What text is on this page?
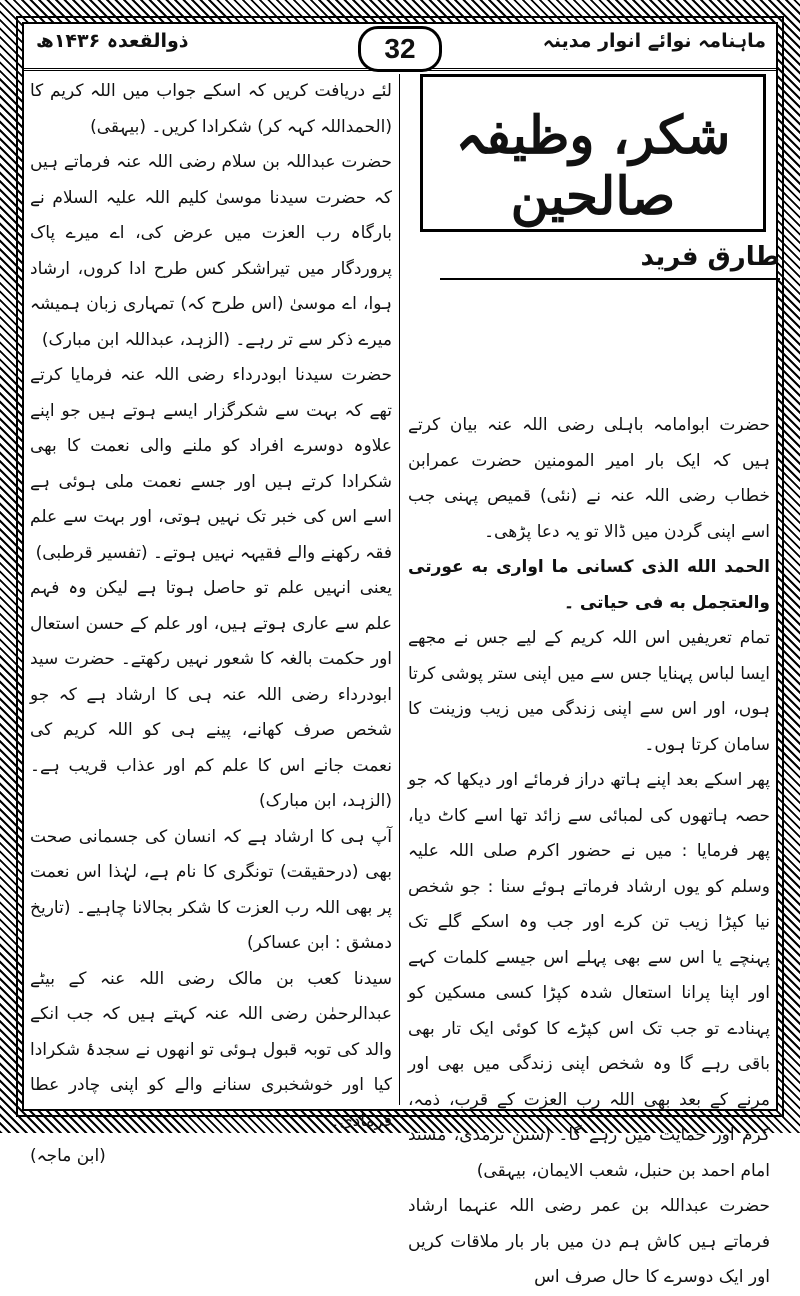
ماہنامہ نوائے انوار مدینہ
ذوالقعدہ ۱۴۳۶ھ	32
شکر، وظیفہ صالحین
طارق فرید

لئے دریافت کریں کہ اسکے جواب میں اللہ کریم کا (الحمداللہ کہہ کر) شکرادا کریں۔ (بیہقی)

حضرت عبداللہ بن سلام رضی اللہ عنہ فرماتے ہیں کہ حضرت سیدنا موسیٰ کلیم اللہ علیہ السلام نے بارگاہ رب العزت میں عرض کی، اے میرے پاک پروردگار میں تیراشکر کس طرح ادا کروں، ارشاد ہوا، اے موسیٰ (اس طرح کہ) تمہاری زبان ہمیشہ میرے ذکر سے تر رہے۔ (الزہد، عبداللہ ابن مبارک)

حضرت سیدنا ابودرداء رضی اللہ عنہ فرمایا کرتے تھے کہ بہت سے شکرگزار ایسے ہوتے ہیں جو اپنے علاوہ دوسرے افراد کو ملنے والی نعمت کا بھی شکرادا کرتے ہیں اور جسے نعمت ملی ہوئی ہے اسے اس کی خبر تک نہیں ہوتی، اور بہت سے علم فقہ رکھنے والے فقیہہ نہیں ہوتے۔ (تفسیر قرطبی)

یعنی انہیں علم تو حاصل ہوتا ہے لیکن وہ فہم علم سے عاری ہوتے ہیں، اور علم کے حسن استعال اور حکمت بالغہ کا شعور نہیں رکھتے۔ حضرت سید ابودرداء رضی اللہ عنہ ہی کا ارشاد ہے کہ جو شخص صرف کھانے، پینے ہی کو اللہ کریم کی نعمت جانے اس کا علم کم اور عذاب قریب ہے۔ (الزہد، ابن مبارک)

آپ ہی کا ارشاد ہے کہ انسان کی جسمانی صحت بھی (درحقیقت) تونگری کا نام ہے، لہٰذا اس نعمت پر بھی اللہ رب العزت کا شکر بجالانا چاہیے۔ (تاریخ دمشق : ابن عساکر)

سیدنا کعب بن مالک رضی اللہ عنہ کے بیٹے عبدالرحمٰن رضی اللہ عنہ کہتے ہیں کہ جب انکے والد کی توبہ قبول ہوئی تو انھوں نے سجدۂ شکرادا کیا اور خوشخبری سنانے والے کو اپنی چادر عطا فرمادی۔

(ابن ماجہ)

حضرت ابوامامہ باہلی رضی اللہ عنہ بیان کرتے ہیں کہ ایک بار امیر المومنین حضرت عمرابن خطاب رضی اللہ عنہ نے (نئی) قمیص پہنی جب اسے اپنی گردن میں ڈالا تو یہ دعا پڑھی۔

الحمد الله الذی کسانی ما اواری به عورتی والعتجمل به فی حیاتی ۔

تمام تعریفیں اس اللہ کریم کے لیے جس نے مجھے ایسا لباس پہنایا جس سے میں اپنی ستر پوشی کرتا ہوں، اور اس سے اپنی زندگی میں زیب وزینت کا سامان کرتا ہوں۔

پھر اسکے بعد اپنے ہاتھ دراز فرمائے اور دیکھا کہ جو حصہ ہاتھوں کی لمبائی سے زائد تھا اسے کاٹ دیا، پھر فرمایا : میں نے حضور اکرم صلی اللہ علیہ وسلم کو یوں ارشاد فرماتے ہوئے سنا : جو شخص نیا کپڑا زیب تن کرے اور جب وہ اسکے گلے تک پہنچے یا اس سے بھی پہلے اس جیسے کلمات کہے اور اپنا پرانا استعال شدہ کپڑا کسی مسکین کو پہنادے تو جب تک اس کپڑے کا کوئی ایک تار بھی باقی رہے گا وہ شخص اپنی زندگی میں بھی اور مرنے کے بعد بھی اللہ رب العزت کے قرب، ذمہ، کرم اور حمایت میں رہے گا۔ (سنن ترمذی، مسند امام احمد بن حنبل، شعب الایمان، بیہقی)

حضرت عبداللہ بن عمر رضی اللہ عنہما ارشاد فرماتے ہیں کاش ہم دن میں بار بار ملاقات کریں اور ایک دوسرے کا حال صرف اس
